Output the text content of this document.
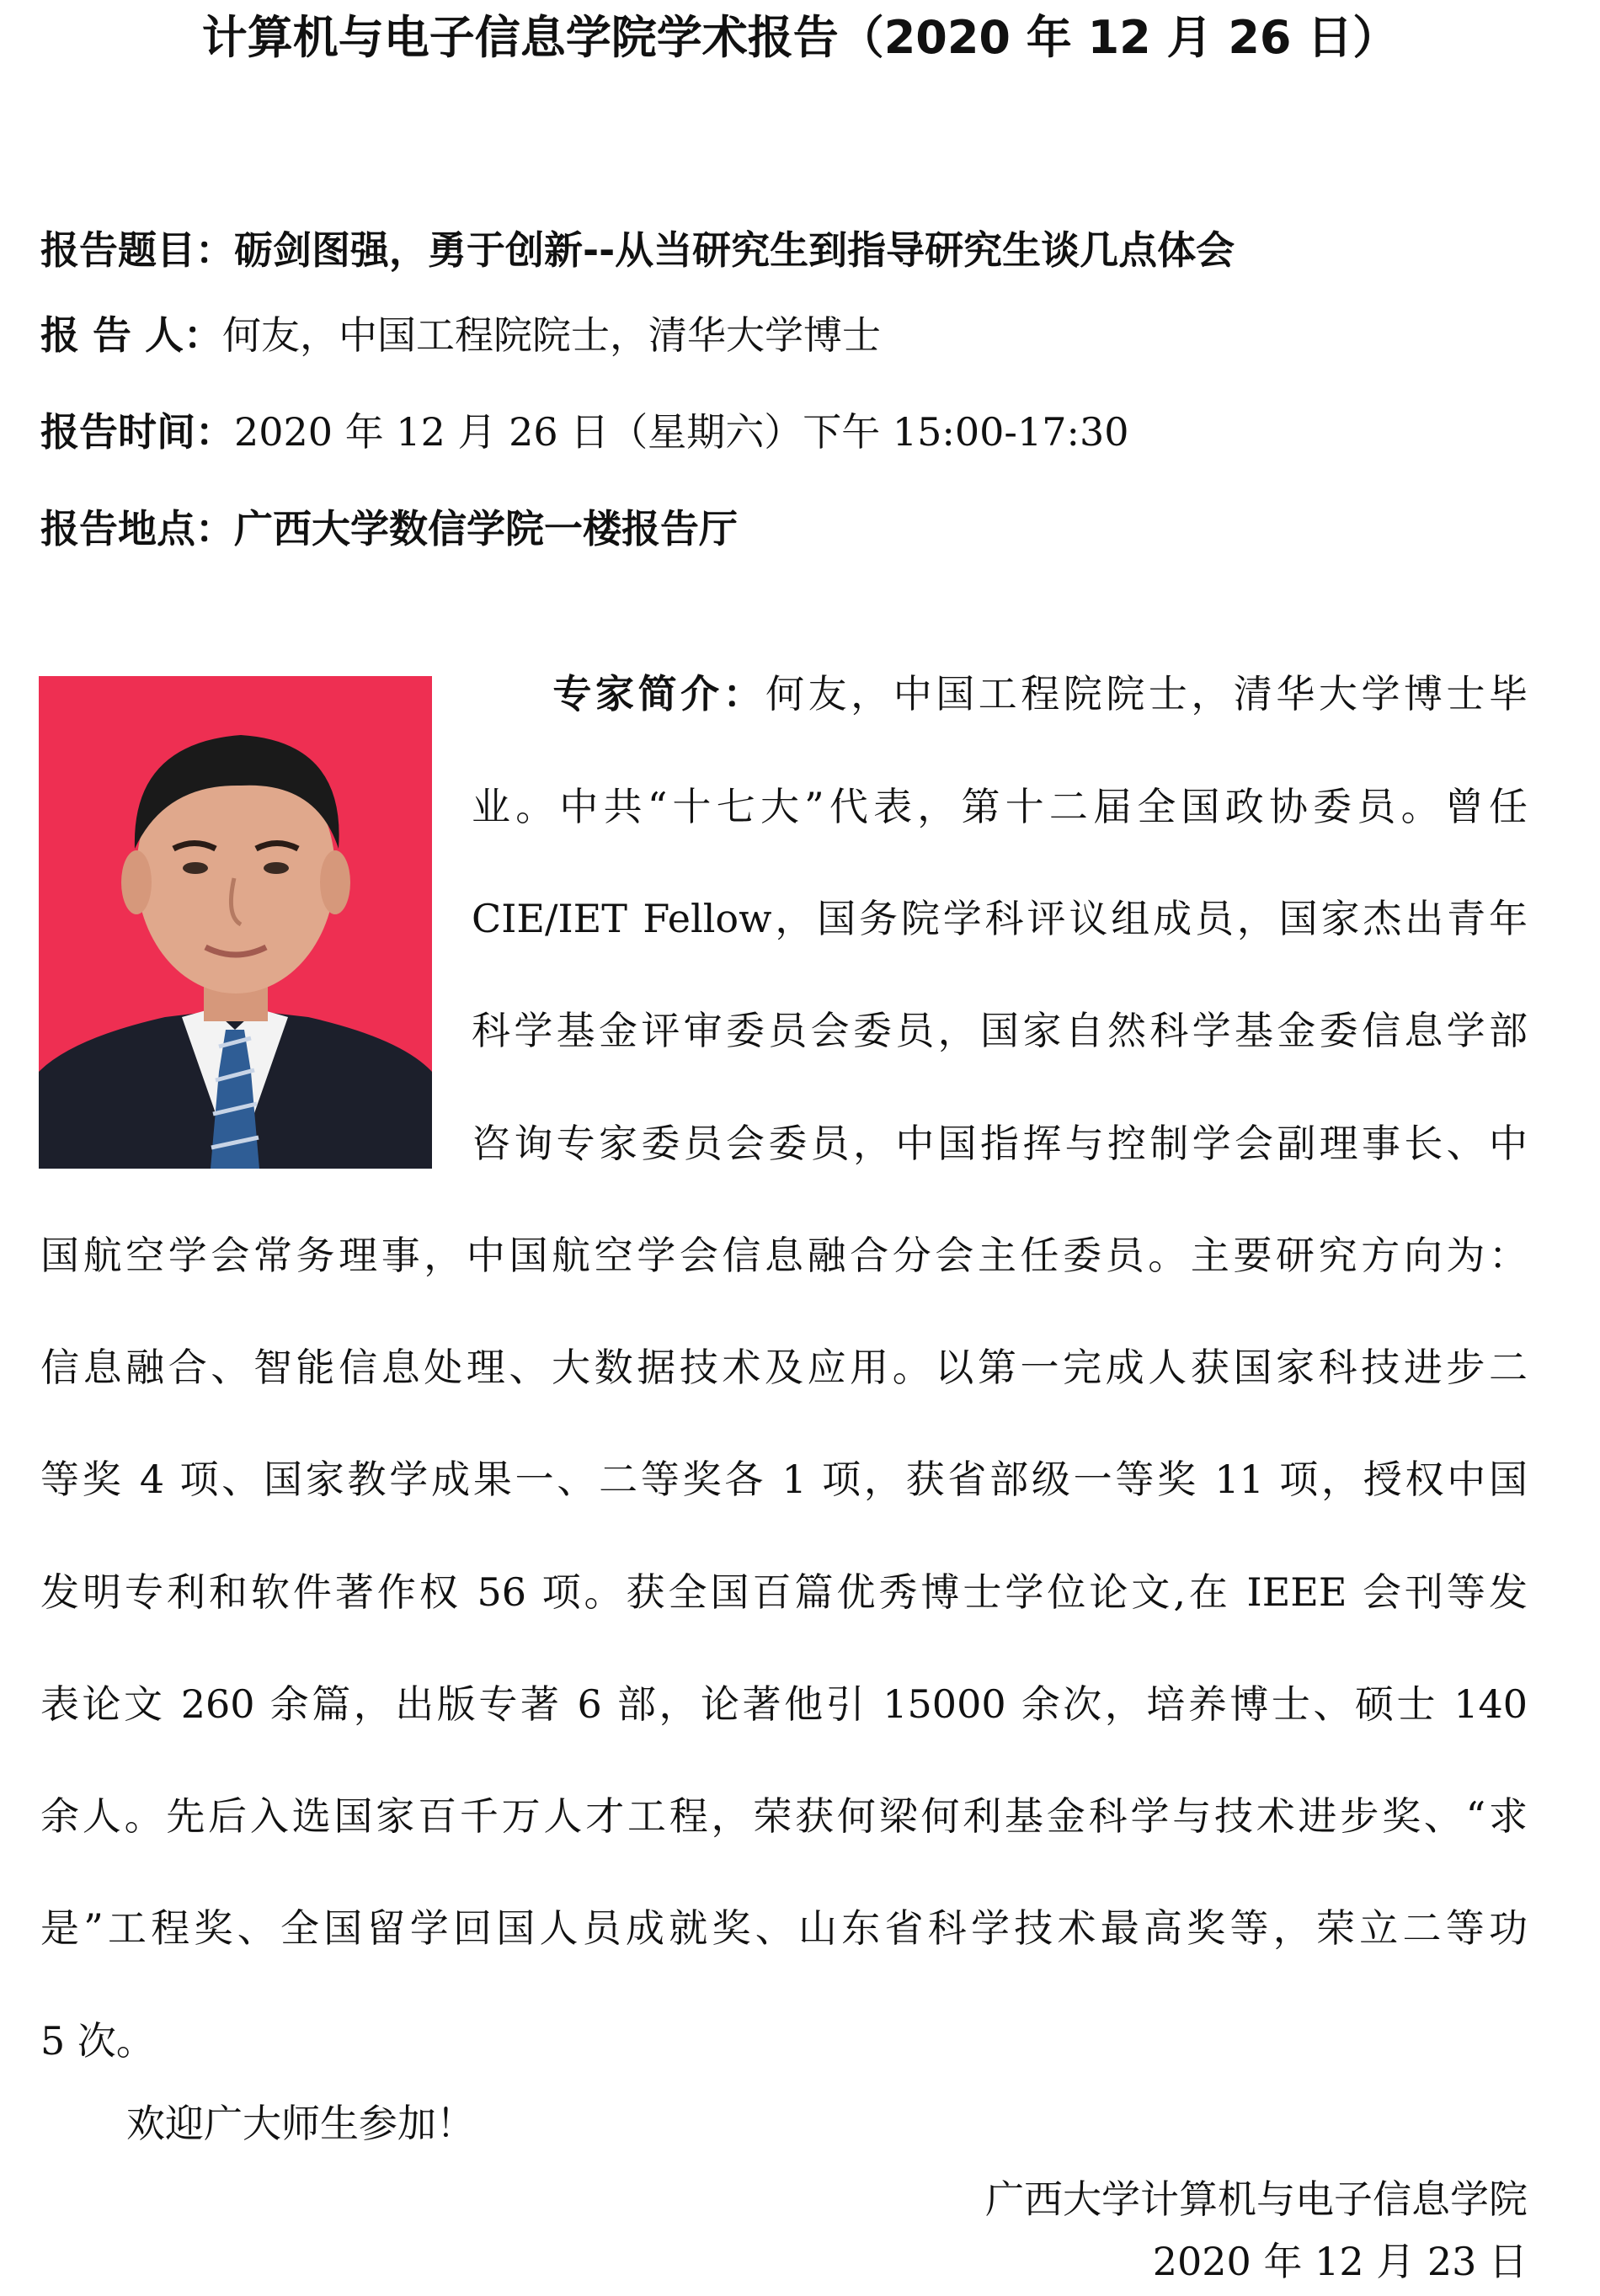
计算机与电子信息学院学术报告（2020 年 12 月 26 日）
报告题目：砺剑图强，勇于创新--从当研究生到指导研究生谈几点体会
报 告 人：何友，中国工程院院士，清华大学博士
报告时间：2020 年 12 月 26 日（星期六）下午 15:00-17:30
报告地点：广西大学数信学院一楼报告厅
专家简介：何友，中国工程院院士，清华大学博士毕
业。中共“十七大”代表，第十二届全国政协委员。曾任
CIE/IET Fellow，国务院学科评议组成员，国家杰出青年
科学基金评审委员会委员，国家自然科学基金委信息学部
咨询专家委员会委员，中国指挥与控制学会副理事长、中
国航空学会常务理事，中国航空学会信息融合分会主任委员。主要研究方向为：
信息融合、智能信息处理、大数据技术及应用。以第一完成人获国家科技进步二
等奖 4 项、国家教学成果一、二等奖各 1 项，获省部级一等奖 11 项，授权中国
发明专利和软件著作权 56 项。获全国百篇优秀博士学位论文,在 IEEE 会刊等发
表论文 260 余篇，出版专著 6 部，论著他引 15000 余次，培养博士、硕士 140
余人。先后入选国家百千万人才工程，荣获何梁何利基金科学与技术进步奖、“求
是”工程奖、全国留学回国人员成就奖、山东省科学技术最高奖等，荣立二等功
5 次。
欢迎广大师生参加！
广西大学计算机与电子信息学院
2020 年 12 月 23 日
